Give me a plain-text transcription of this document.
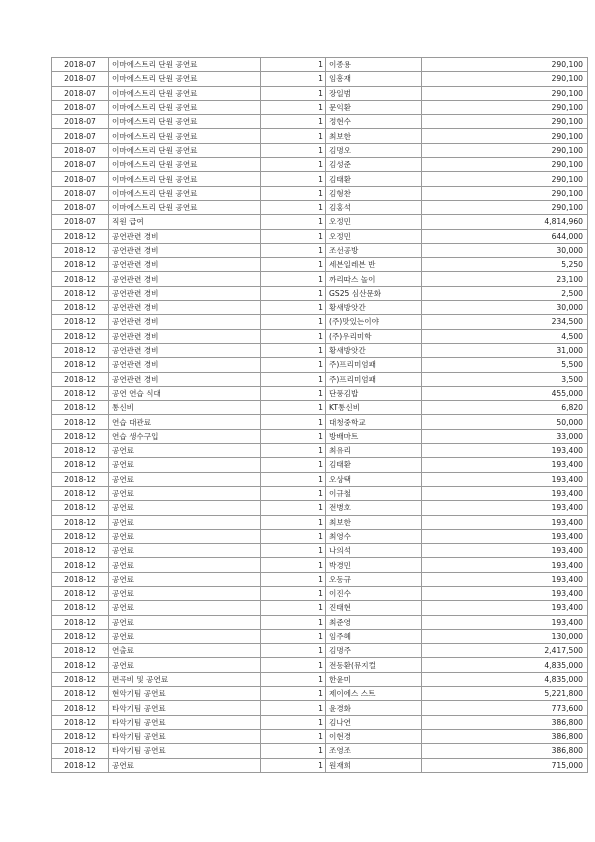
2018-07	이마에스트리 단원 공연료	1	이종용	290,100
2018-07	이마에스트리 단원 공연료	1	임흥재	290,100
2018-07	이마에스트리 단원 공연료	1	장일범	290,100
2018-07	이마에스트리 단원 공연료	1	문익환	290,100
2018-07	이마에스트리 단원 공연료	1	정현수	290,100
2018-07	이마에스트리 단원 공연료	1	최보한	290,100
2018-07	이마에스트리 단원 공연료	1	김명오	290,100
2018-07	이마에스트리 단원 공연료	1	김성준	290,100
2018-07	이마에스트리 단원 공연료	1	김태환	290,100
2018-07	이마에스트리 단원 공연료	1	김형찬	290,100
2018-07	이마에스트리 단원 공연료	1	김홍석	290,100
2018-07	직원 급여	1	오정민	4,814,960
2018-12	공연관련 경비	1	오정민	644,000
2018-12	공연관련 경비	1	조선공방	30,000
2018-12	공연관련 경비	1	세븐일레븐 반	5,250
2018-12	공연관련 경비	1	까리따스 놀이	23,100
2018-12	공연관련 경비	1	GS25 심산문화	2,500
2018-12	공연관련 경비	1	황새방앗간	30,000
2018-12	공연관련 경비	1	(주)맛있는이야	234,500
2018-12	공연관련 경비	1	(주)우리미학	4,500
2018-12	공연관련 경비	1	황새방앗간	31,000
2018-12	공연관련 경비	1	주)프리미엄패	5,500
2018-12	공연관련 경비	1	주)프리미엄패	3,500
2018-12	공연 연습 식대	1	단풍김밥	455,000
2018-12	통신비	1	KT통신비	6,820
2018-12	연습 대관료	1	대청중학교	50,000
2018-12	연습 생수구입	1	방배마트	33,000
2018-12	공연료	1	최유리	193,400
2018-12	공연료	1	김태환	193,400
2018-12	공연료	1	오상택	193,400
2018-12	공연료	1	이규철	193,400
2018-12	공연료	1	전병호	193,400
2018-12	공연료	1	최보한	193,400
2018-12	공연료	1	최영수	193,400
2018-12	공연료	1	나의석	193,400
2018-12	공연료	1	박경민	193,400
2018-12	공연료	1	오동규	193,400
2018-12	공연료	1	이진수	193,400
2018-12	공연료	1	진태현	193,400
2018-12	공연료	1	최준영	193,400
2018-12	공연료	1	임주혜	130,000
2018-12	연출료	1	김명주	2,417,500
2018-12	공연료	1	전동환(뮤지컬	4,835,000
2018-12	편곡비 및 공연료	1	한윤미	4,835,000
2018-12	현악기팀 공연료	1	제이에스 스트	5,221,800
2018-12	타악기팀 공연료	1	윤경화	773,600
2018-12	타악기팀 공연료	1	김나연	386,800
2018-12	타악기팀 공연료	1	이현경	386,800
2018-12	타악기팀 공연료	1	조영조	386,800
2018-12	공연료	1	원재희	715,000
